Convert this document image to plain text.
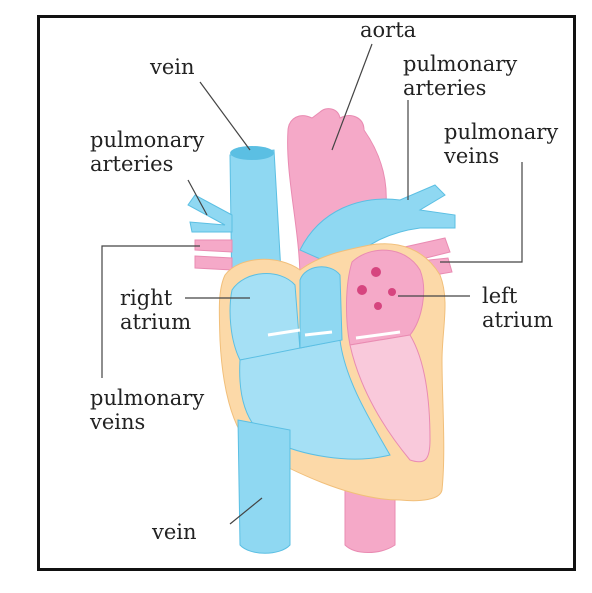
vein
aorta
pulmonary
arteries
pulmonary
arteries
pulmonary
veins
right
atrium
left
atrium
pulmonary
veins
vein
